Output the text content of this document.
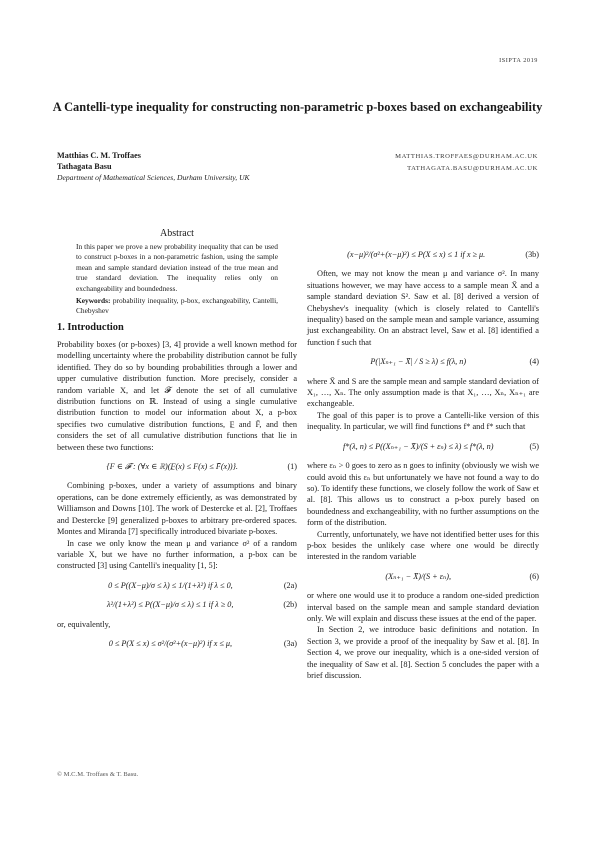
ISIPTA 2019
A Cantelli-type inequality for constructing non-parametric p-boxes based on exchangeability
Matthias C. M. Troffaes
Tathagata Basu
Department of Mathematical Sciences, Durham University, UK
MATTHIAS.TROFFAES@DURHAM.AC.UK
TATHAGATA.BASU@DURHAM.AC.UK
Abstract
In this paper we prove a new probability inequality that can be used to construct p-boxes in a non-parametric fashion, using the sample mean and sample standard deviation instead of the true mean and true standard deviation. The inequality relies only on exchangeability and boundedness.
Keywords: probability inequality, p-box, exchangeability, Cantelli, Chebyshev
1. Introduction

Probability boxes (or p-boxes) [3, 4] provide a well known method for modelling uncertainty where the probability distribution cannot be fully identified. They do so by bounding probabilities through a lower and upper cumulative distribution function. More precisely, consider a random variable X, and let 𝓕 denote the set of all cumulative distribution functions on ℝ. Instead of using a single cumulative distribution function to model our information about X, a p-box specifies two cumulative distribution functions, F̲ and F̄, and then considers the set of all cumulative distribution functions that lie in between these two functions:

{F ∈ 𝓕 : (∀x ∈ ℝ)(F̲(x) ≤ F(x) ≤ F̄(x))}.	(1)

Combining p-boxes, under a variety of assumptions and binary operations, can be done extremely efficiently, as was demonstrated by Williamson and Downs [10]. The work of Destercke et al. [2], Troffaes and Destercke [9] generalized p-boxes to arbitrary pre-ordered spaces. Montes and Miranda [7] specifically introduced bivariate p-boxes.

In case we only know the mean μ and variance σ² of a random variable X, but we have no further information, a p-box can be constructed [3] using Cantelli's inequality [1, 5]:

0 ≤ P((X−μ)/σ ≤ λ) ≤ 1/(1+λ²) if λ ≤ 0,	(2a)
λ²/(1+λ²) ≤ P((X−μ)/σ ≤ λ) ≤ 1 if λ ≥ 0,	(2b)

or, equivalently,

0 ≤ P(X ≤ x) ≤ σ²/(σ²+(x−μ)²) if x ≤ μ,	(3a)
(x−μ)²/(σ²+(x−μ)²) ≤ P(X ≤ x) ≤ 1 if x ≥ μ.	(3b)

Often, we may not know the mean μ and variance σ². In many situations however, we may have access to a sample mean X̄ and a sample standard deviation S². Saw et al. [8] derived a version of Chebyshev's inequality (which is closely related to Cantelli's inequality) based on the sample mean and sample variance, assuming just exchangeability. On an abstract level, Saw et al. [8] identified a function f such that

P(|Xₙ₊₁ − X̄| / S ≥ λ) ≤ f(λ, n)	(4)

where X̄ and S are the sample mean and sample standard deviation of X₁, …, Xₙ. The only assumption made is that X₁, …, Xₙ, Xₙ₊₁ are exchangeable.

The goal of this paper is to prove a Cantelli-like version of this inequality. In particular, we will find functions f* and f* such that

f*(λ, n) ≤ P((Xₙ₊₁ − X̄)/(S + εₙ) ≤ λ) ≤ f*(λ, n)	(5)

where εₙ > 0 goes to zero as n goes to infinity (obviously we wish we could avoid this εₙ but unfortunately we have not found a way to do so). To identify these functions, we closely follow the work of Saw et al. [8]. This allows us to construct a p-box purely based on boundedness and exchangeability, with no further assumptions on the form of the distribution.

Currently, unfortunately, we have not identified better uses for this p-box besides the unlikely case where one would be directly interested in the random variable

(Xₙ₊₁ − X̄)/(S + εₙ),	(6)

or where one would use it to produce a random one-sided prediction interval based on the sample mean and sample standard deviation only. We will explain and discuss these issues at the end of the paper.

In Section 2, we introduce basic definitions and notation. In Section 3, we provide a proof of the inequality by Saw et al. [8]. In Section 4, we prove our inequality, which is a one-sided version of the inequality of Saw et al. [8]. Section 5 concludes the paper with a brief discussion.

© M.C.M. Troffaes & T. Basu.
